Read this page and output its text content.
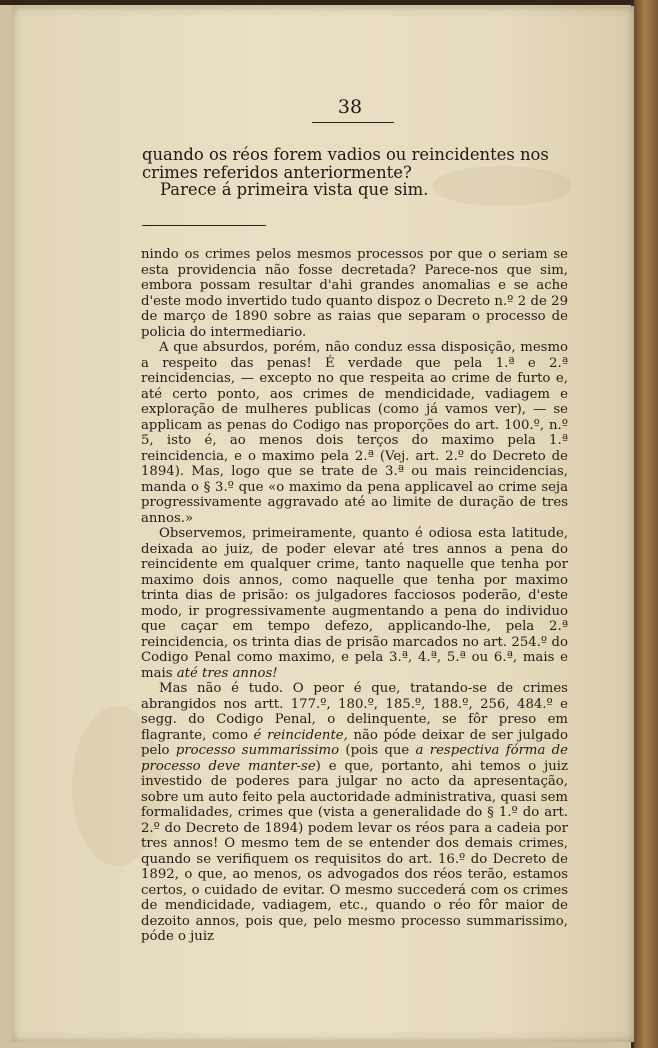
38

quando os réos forem vadios ou reincidentes nos crimes referidos anteriormente?

Parece á primeira vista que sim.

nindo os crimes pelos mesmos processos por que o seriam se esta providencia não fosse decretada? Parece-nos que sim, embora possam resultar d'ahi grandes anomalias e se ache d'este modo invertido tudo quanto dispoz o Decreto n.º 2 de 29 de março de 1890 sobre as raias que separam o processo de policia do intermediario.

A que absurdos, porém, não conduz essa disposição, mesmo a respeito das penas! É verdade que pela 1.ª e 2.ª reincidencias, — excepto no que respeita ao crime de furto e, até certo ponto, aos crimes de mendicidade, vadiagem e exploração de mulheres publicas (como já vamos ver), — se applicam as penas do Codigo nas proporções do art. 100.º, n.º 5, isto é, ao menos dois terços do maximo pela 1.ª reincidencia, e o maximo pela 2.ª (Vej. art. 2.º do Decreto de 1894). Mas, logo que se trate de 3.ª ou mais reincidencias, manda o § 3.º que «o maximo da pena applicavel ao crime seja progressivamente aggravado até ao limite de duração de tres annos.»

Observemos, primeiramente, quanto é odiosa esta latitude, deixada ao juiz, de poder elevar até tres annos a pena do reincidente em qualquer crime, tanto naquelle que tenha por maximo dois annos, como naquelle que tenha por maximo trinta dias de prisão: os julgadores facciosos poderão, d'este modo, ir progressivamente augmentando a pena do individuo que caçar em tempo defezo, applicando-lhe, pela 2.ª reincidencia, os trinta dias de prisão marcados no art. 254.º do Codigo Penal como maximo, e pela 3.ª, 4.ª, 5.ª ou 6.ª, mais e mais até tres annos!

Mas não é tudo. O peor é que, tratando-se de crimes abrangidos nos artt. 177.º, 180.º, 185.º, 188.º, 256, 484.º e segg. do Codigo Penal, o delinquente, se fôr preso em flagrante, como é reincidente, não póde deixar de ser julgado pelo processo summarissimo (pois que a respectiva fórma de processo deve manter-se) e que, portanto, ahi temos o juiz investido de poderes para julgar no acto da apresentação, sobre um auto feito pela auctoridade administrativa, quasi sem formalidades, crimes que (vista a generalidade do § 1.º do art. 2.º do Decreto de 1894) podem levar os réos para a cadeia por tres annos! O mesmo tem de se entender dos demais crimes, quando se verifiquem os requisitos do art. 16.º do Decreto de 1892, o que, ao menos, os advogados dos réos terão, estamos certos, o cuidado de evitar. O mesmo succederá com os crimes de mendicidade, vadiagem, etc., quando o réo fôr maior de dezoito annos, pois que, pelo mesmo processo summarissimo, póde o juiz
